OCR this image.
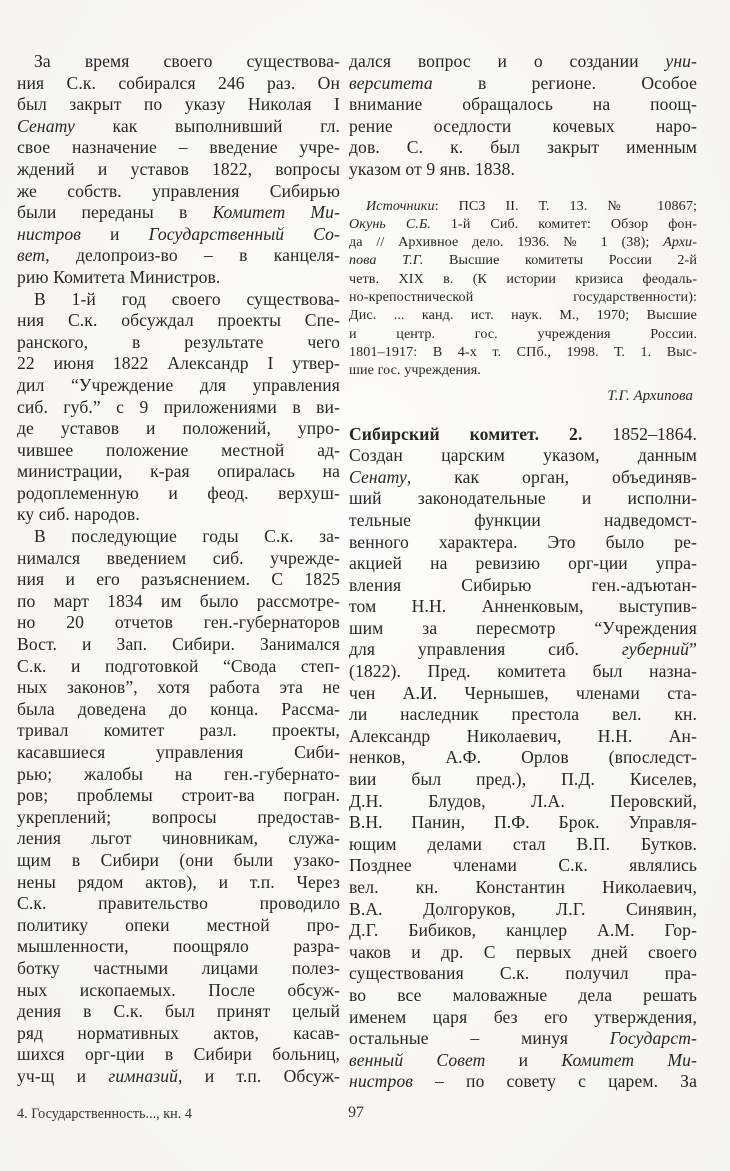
За время своего существова-
ния С.к. собирался 246 раз. Он
был закрыт по указу Николая I
Сенату как выполнивший гл.
свое назначение – введение учре-
ждений и уставов 1822, вопросы
же собств. управления Сибирью
были переданы в Комитет Ми-
нистров и Государственный Со-
вет, делопроиз-во – в канцеля-
рию Комитета Министров.
В 1-й год своего существова-
ния С.к. обсуждал проекты Спе-
ранского, в результате чего
22 июня 1822 Александр I утвер-
дил “Учреждение для управления
сиб. губ.” с 9 приложениями в ви-
де уставов и положений, упро-
чившее положение местной ад-
министрации, к-рая опиралась на
родоплеменную и феод. верхуш-
ку сиб. народов.
В последующие годы С.к. за-
нимался введением сиб. учрежде-
ния и его разъяснением. С 1825
по март 1834 им было рассмотре-
но 20 отчетов ген.-губернаторов
Вост. и Зап. Сибири. Занимался
С.к. и подготовкой “Свода степ-
ных законов”, хотя работа эта не
была доведена до конца. Рассма-
тривал комитет разл. проекты,
касавшиеся управления Сиби-
рью; жалобы на ген.-губернато-
ров; проблемы строит-ва погран.
укреплений; вопросы предостав-
ления льгот чиновникам, служа-
щим в Сибири (они были узако-
нены рядом актов), и т.п. Через
С.к. правительство проводило
политику опеки местной про-
мышленности, поощряло разра-
ботку частными лицами полез-
ных ископаемых. После обсуж-
дения в С.к. был принят целый
ряд нормативных актов, касав-
шихся орг-ции в Сибири больниц,
уч-щ и гимназий, и т.п. Обсуж-
дался вопрос и о создании уни-
верситета в регионе. Особое
внимание обращалось на поощ-
рение оседлости кочевых наро-
дов. С. к. был закрыт именным
указом от 9 янв. 1838.
Источники: ПСЗ II. Т. 13. № 10867;
Окунь С.Б. 1-й Сиб. комитет: Обзор фон-
да // Архивное дело. 1936. № 1 (38); Архи-
пова Т.Г. Высшие комитеты России 2-й
четв. XIX в. (К истории кризиса феодаль-
но-крепостнической государственности):
Дис. ... канд. ист. наук. М., 1970; Высшие
и центр. гос. учреждения России.
1801–1917: В 4-х т. СПб., 1998. Т. 1. Выс-
шие гос. учреждения.
Т.Г. Архипова
Сибирский комитет. 2. 1852–1864.
Создан царским указом, данным
Сенату, как орган, объединяв-
ший законодательные и исполни-
тельные функции надведомст-
венного характера. Это было ре-
акцией на ревизию орг-ции упра-
вления Сибирью ген.-адъютан-
том Н.Н. Анненковым, выступив-
шим за пересмотр “Учреждения
для управления сиб. губерний”
(1822). Пред. комитета был назна-
чен А.И. Чернышев, членами ста-
ли наследник престола вел. кн.
Александр Николаевич, Н.Н. Ан-
ненков, А.Ф. Орлов (впоследст-
вии был пред.), П.Д. Киселев,
Д.Н. Блудов, Л.А. Перовский,
В.Н. Панин, П.Ф. Брок. Управля-
ющим делами стал В.П. Бутков.
Позднее членами С.к. являлись
вел. кн. Константин Николаевич,
В.А. Долгоруков, Л.Г. Синявин,
Д.Г. Бибиков, канцлер А.М. Гор-
чаков и др. С первых дней своего
существования С.к. получил пра-
во все маловажные дела решать
именем царя без его утверждения,
остальные – минуя Государст-
венный Совет и Комитет Ми-
нистров – по совету с царем. За
97
4. Государственность..., кн. 4
